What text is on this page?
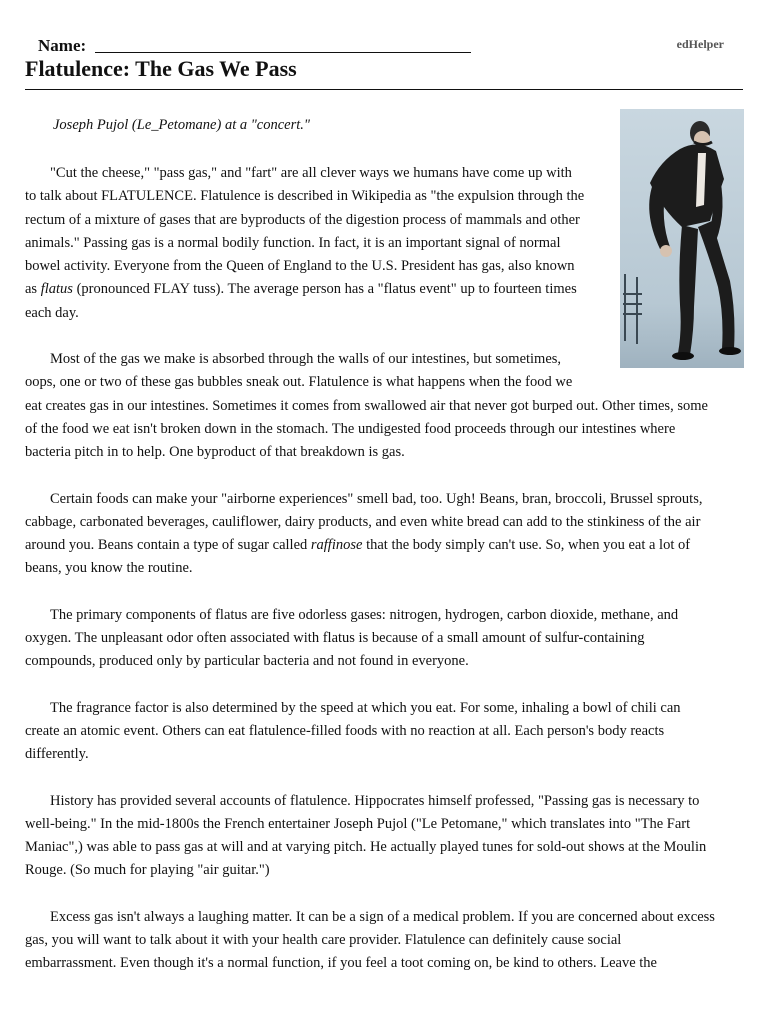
Name:	edHelper
Flatulence: The Gas We Pass
Joseph Pujol (Le_Petomane) at a "concert."

"Cut the cheese," "pass gas," and "fart" are all clever ways we humans have come up with to talk about FLATULENCE. Flatulence is described in Wikipedia as "the expulsion through the rectum of a mixture of gases that are byproducts of the digestion process of mammals and other animals." Passing gas is a normal bodily function. In fact, it is an important signal of normal bowel activity. Everyone from the Queen of England to the U.S. President has gas, also known as flatus (pronounced FLAY tuss). The average person has a "flatus event" up to fourteen times each day.

Most of the gas we make is absorbed through the walls of our intestines, but sometimes, oops, one or two of these gas bubbles sneak out. Flatulence is what happens when the food we eat creates gas in our intestines. Sometimes it comes from swallowed air that never got burped out. Other times, some of the food we eat isn't broken down in the stomach. The undigested food proceeds through our intestines where bacteria pitch in to help. One byproduct of that breakdown is gas.

Certain foods can make your "airborne experiences" smell bad, too. Ugh! Beans, bran, broccoli, Brussel sprouts, cabbage, carbonated beverages, cauliflower, dairy products, and even white bread can add to the stinkiness of the air around you. Beans contain a type of sugar called raffinose that the body simply can't use. So, when you eat a lot of beans, you know the routine.

The primary components of flatus are five odorless gases: nitrogen, hydrogen, carbon dioxide, methane, and oxygen. The unpleasant odor often associated with flatus is because of a small amount of sulfur-containing compounds, produced only by particular bacteria and not found in everyone.

The fragrance factor is also determined by the speed at which you eat. For some, inhaling a bowl of chili can create an atomic event. Others can eat flatulence-filled foods with no reaction at all. Each person's body reacts differently.

History has provided several accounts of flatulence. Hippocrates himself professed, "Passing gas is necessary to well-being." In the mid-1800s the French entertainer Joseph Pujol ("Le Petomane," which translates into "The Fart Maniac",) was able to pass gas at will and at varying pitch. He actually played tunes for sold-out shows at the Moulin Rouge. (So much for playing "air guitar.")

Excess gas isn't always a laughing matter. It can be a sign of a medical problem. If you are concerned about excess gas, you will want to talk about it with your health care provider. Flatulence can definitely cause social embarrassment. Even though it's a normal function, if you feel a toot coming on, be kind to others. Leave the
